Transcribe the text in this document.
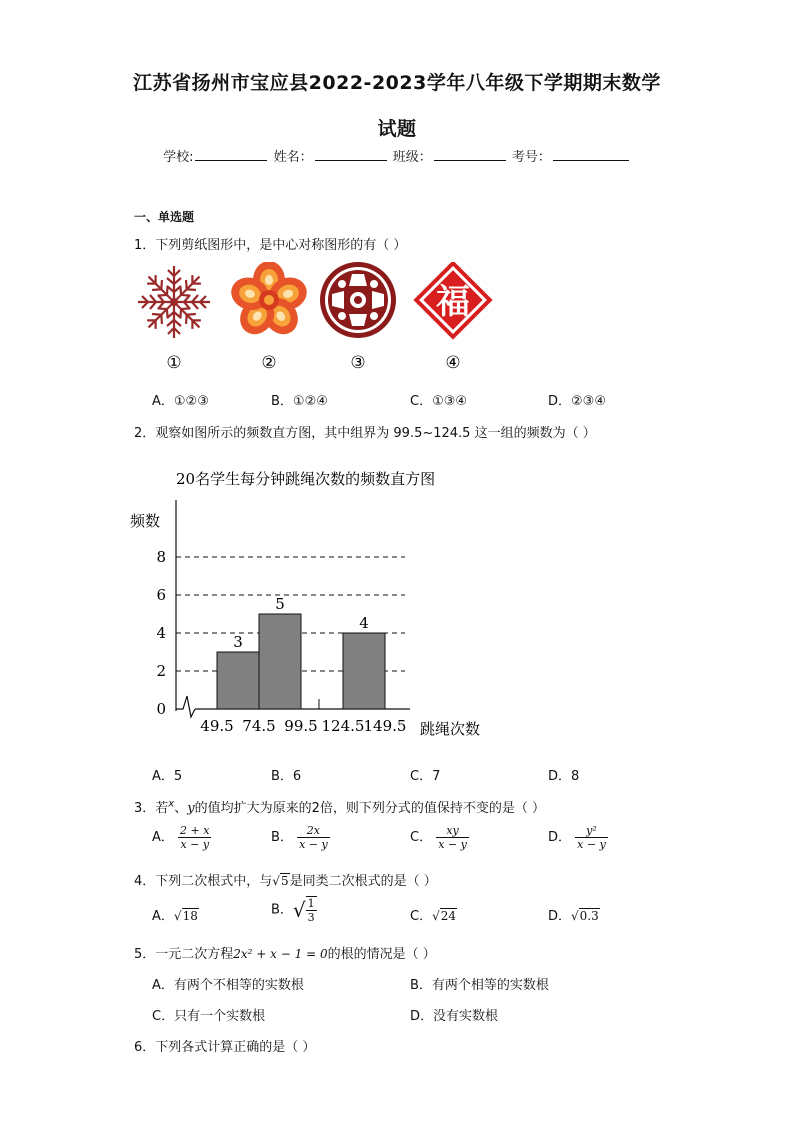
江苏省扬州市宝应县2022-2023学年八年级下学期期末数学
试题
学校:	姓名：	班级：	考号：
一、单选题
1．下列剪纸图形中，是中心对称图形的有（ ）
福
①	②	③	④
A．①②③	B．①②④	C．①③④	D．②③④
2．观察如图所示的频数直方图，其中组界为 99.5~124.5 这一组的频数为（ ）
20名学生每分钟跳绳次数的频数直方图
频数
跳绳次数
0
2
4
6
8
49.5 74.5 99.5 124.5 149.5
3
5
4
A．5	B．6	C．7	D．8
3．若$^x$、y的值均扩大为原来的2倍，则下列分式的值保持不变的是（ ）
A． $\frac{2 + x}{x - y}$	B． $\frac{2x}{x - y}$	C． $\frac{xy}{x - y}$	D． $\frac{\text{y²}}{x - y}$
4．下列二次根式中，与√5是同类二次根式的是（ ）
A．√18	B．√ $\frac{1}{3}$	C．√24	D．√0.3
5．一元二次方程2x² + x − 1 = 0的根的情况是（ ）
A．有两个不相等的实数根	B．有两个相等的实数根
C．只有一个实数根	D．没有实数根
6．下列各式计算正确的是（ ）
